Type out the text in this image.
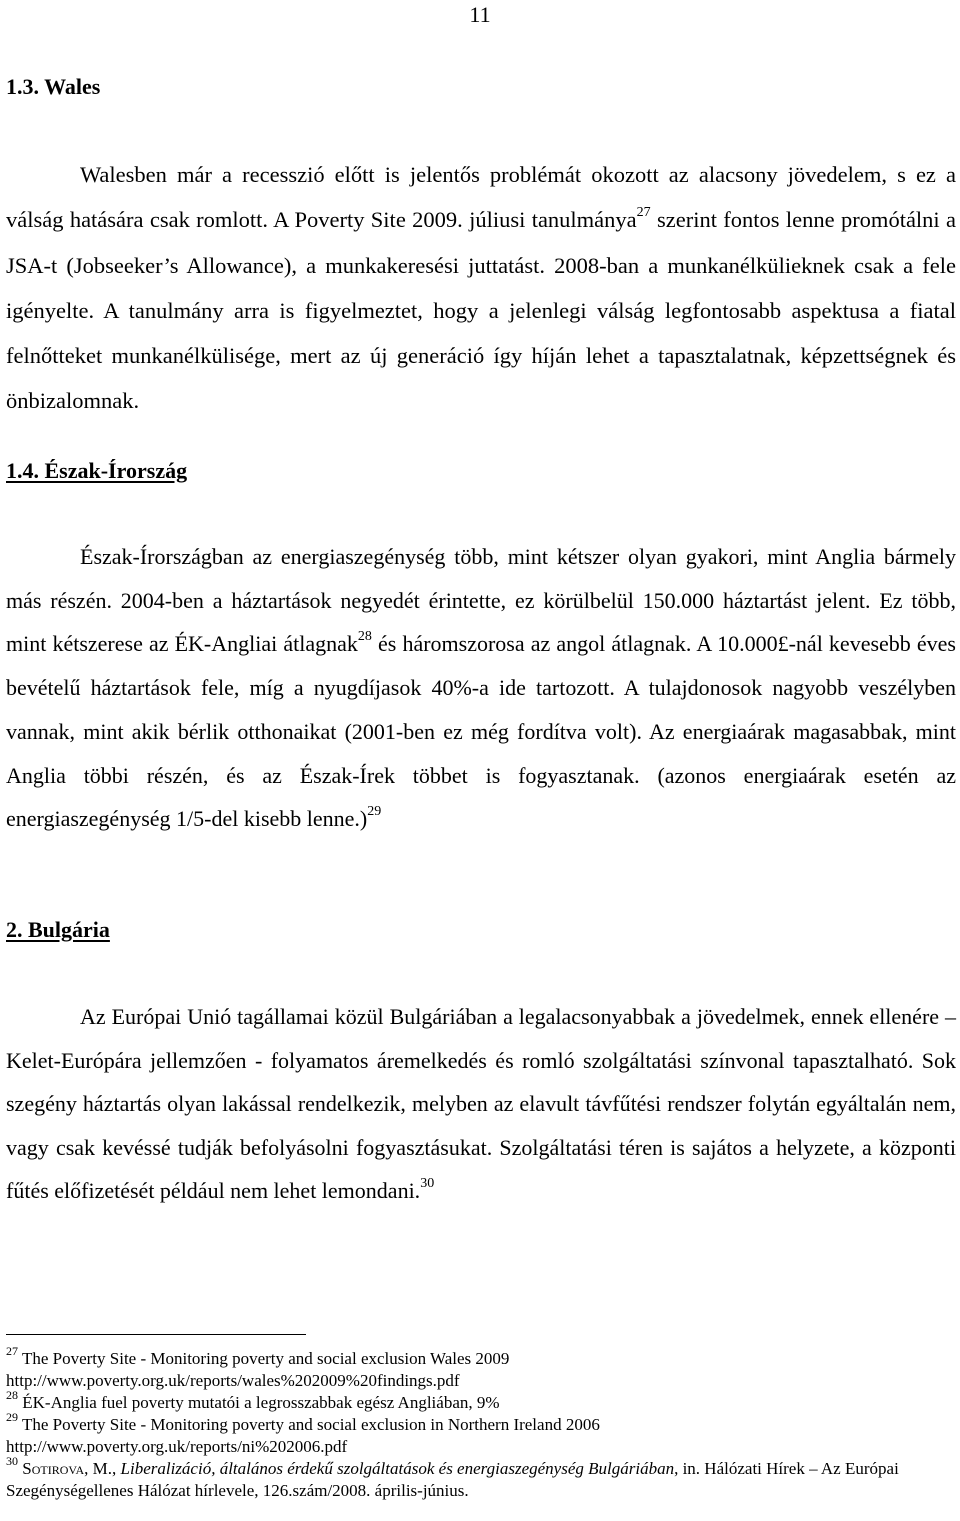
11
1.3. Wales

Walesben már a recesszió előtt is jelentős problémát okozott az alacsony jövedelem, s ez a válság hatására csak romlott. A Poverty Site 2009. júliusi tanulmánya$^{27}$ szerint fontos lenne promótálni a JSA-t (Jobseeker’s Allowance), a munkakeresési juttatást. 2008-ban a munkanélkülieknek csak a fele igényelte. A tanulmány arra is figyelmeztet, hogy a jelenlegi válság legfontosabb aspektusa a fiatal felnőtteket munkanélkülisége, mert az új generáció így híján lehet a tapasztalatnak, képzettségnek és önbizalomnak.

1.4. Észak-Írország

Észak-Írországban az energiaszegénység több, mint kétszer olyan gyakori, mint Anglia bármely más részén. 2004-ben a háztartások negyedét érintette, ez körülbelül 150.000 háztartást jelent. Ez több, mint kétszerese az ÉK-Angliai átlagnak$^{28}$ és háromszorosa az angol átlagnak. A 10.000£-nál kevesebb éves bevételű háztartások fele, míg a nyugdíjasok 40%-a ide tartozott. A tulajdonosok nagyobb veszélyben vannak, mint akik bérlik otthonaikat (2001-ben ez még fordítva volt). Az energiaárak magasabbak, mint Anglia többi részén, és az Észak-Írek többet is fogyasztanak. (azonos energiaárak esetén az energiaszegénység 1/5-del kisebb lenne.)$^{29}$

2. Bulgária

Az Európai Unió tagállamai közül Bulgáriában a legalacsonyabbak a jövedelmek, ennek ellenére – Kelet-Európára jellemzően - folyamatos áremelkedés és romló szolgáltatási színvonal tapasztalható. Sok szegény háztartás olyan lakással rendelkezik, melyben az elavult távfűtési rendszer folytán egyáltalán nem, vagy csak kevéssé tudják befolyásolni fogyasztásukat. Szolgáltatási téren is sajátos a helyzete, a központi fűtés előfizetését például nem lehet lemondani.$^{30}$

$^{27}$ The Poverty Site - Monitoring poverty and social exclusion Wales 2009

http://www.poverty.org.uk/reports/wales%202009%20findings.pdf

$^{28}$ ÉK-Anglia fuel poverty mutatói a legrosszabbak egész Angliában, 9%

$^{29}$ The Poverty Site - Monitoring poverty and social exclusion in Northern Ireland 2006

http://www.poverty.org.uk/reports/ni%202006.pdf

$^{30}$ Sotirova, M., Liberalizáció, általános érdekű szolgáltatások és energiaszegénység Bulgáriában, in. Hálózati Hírek – Az Európai Szegénységellenes Hálózat hírlevele, 126.szám/2008. április-június.
